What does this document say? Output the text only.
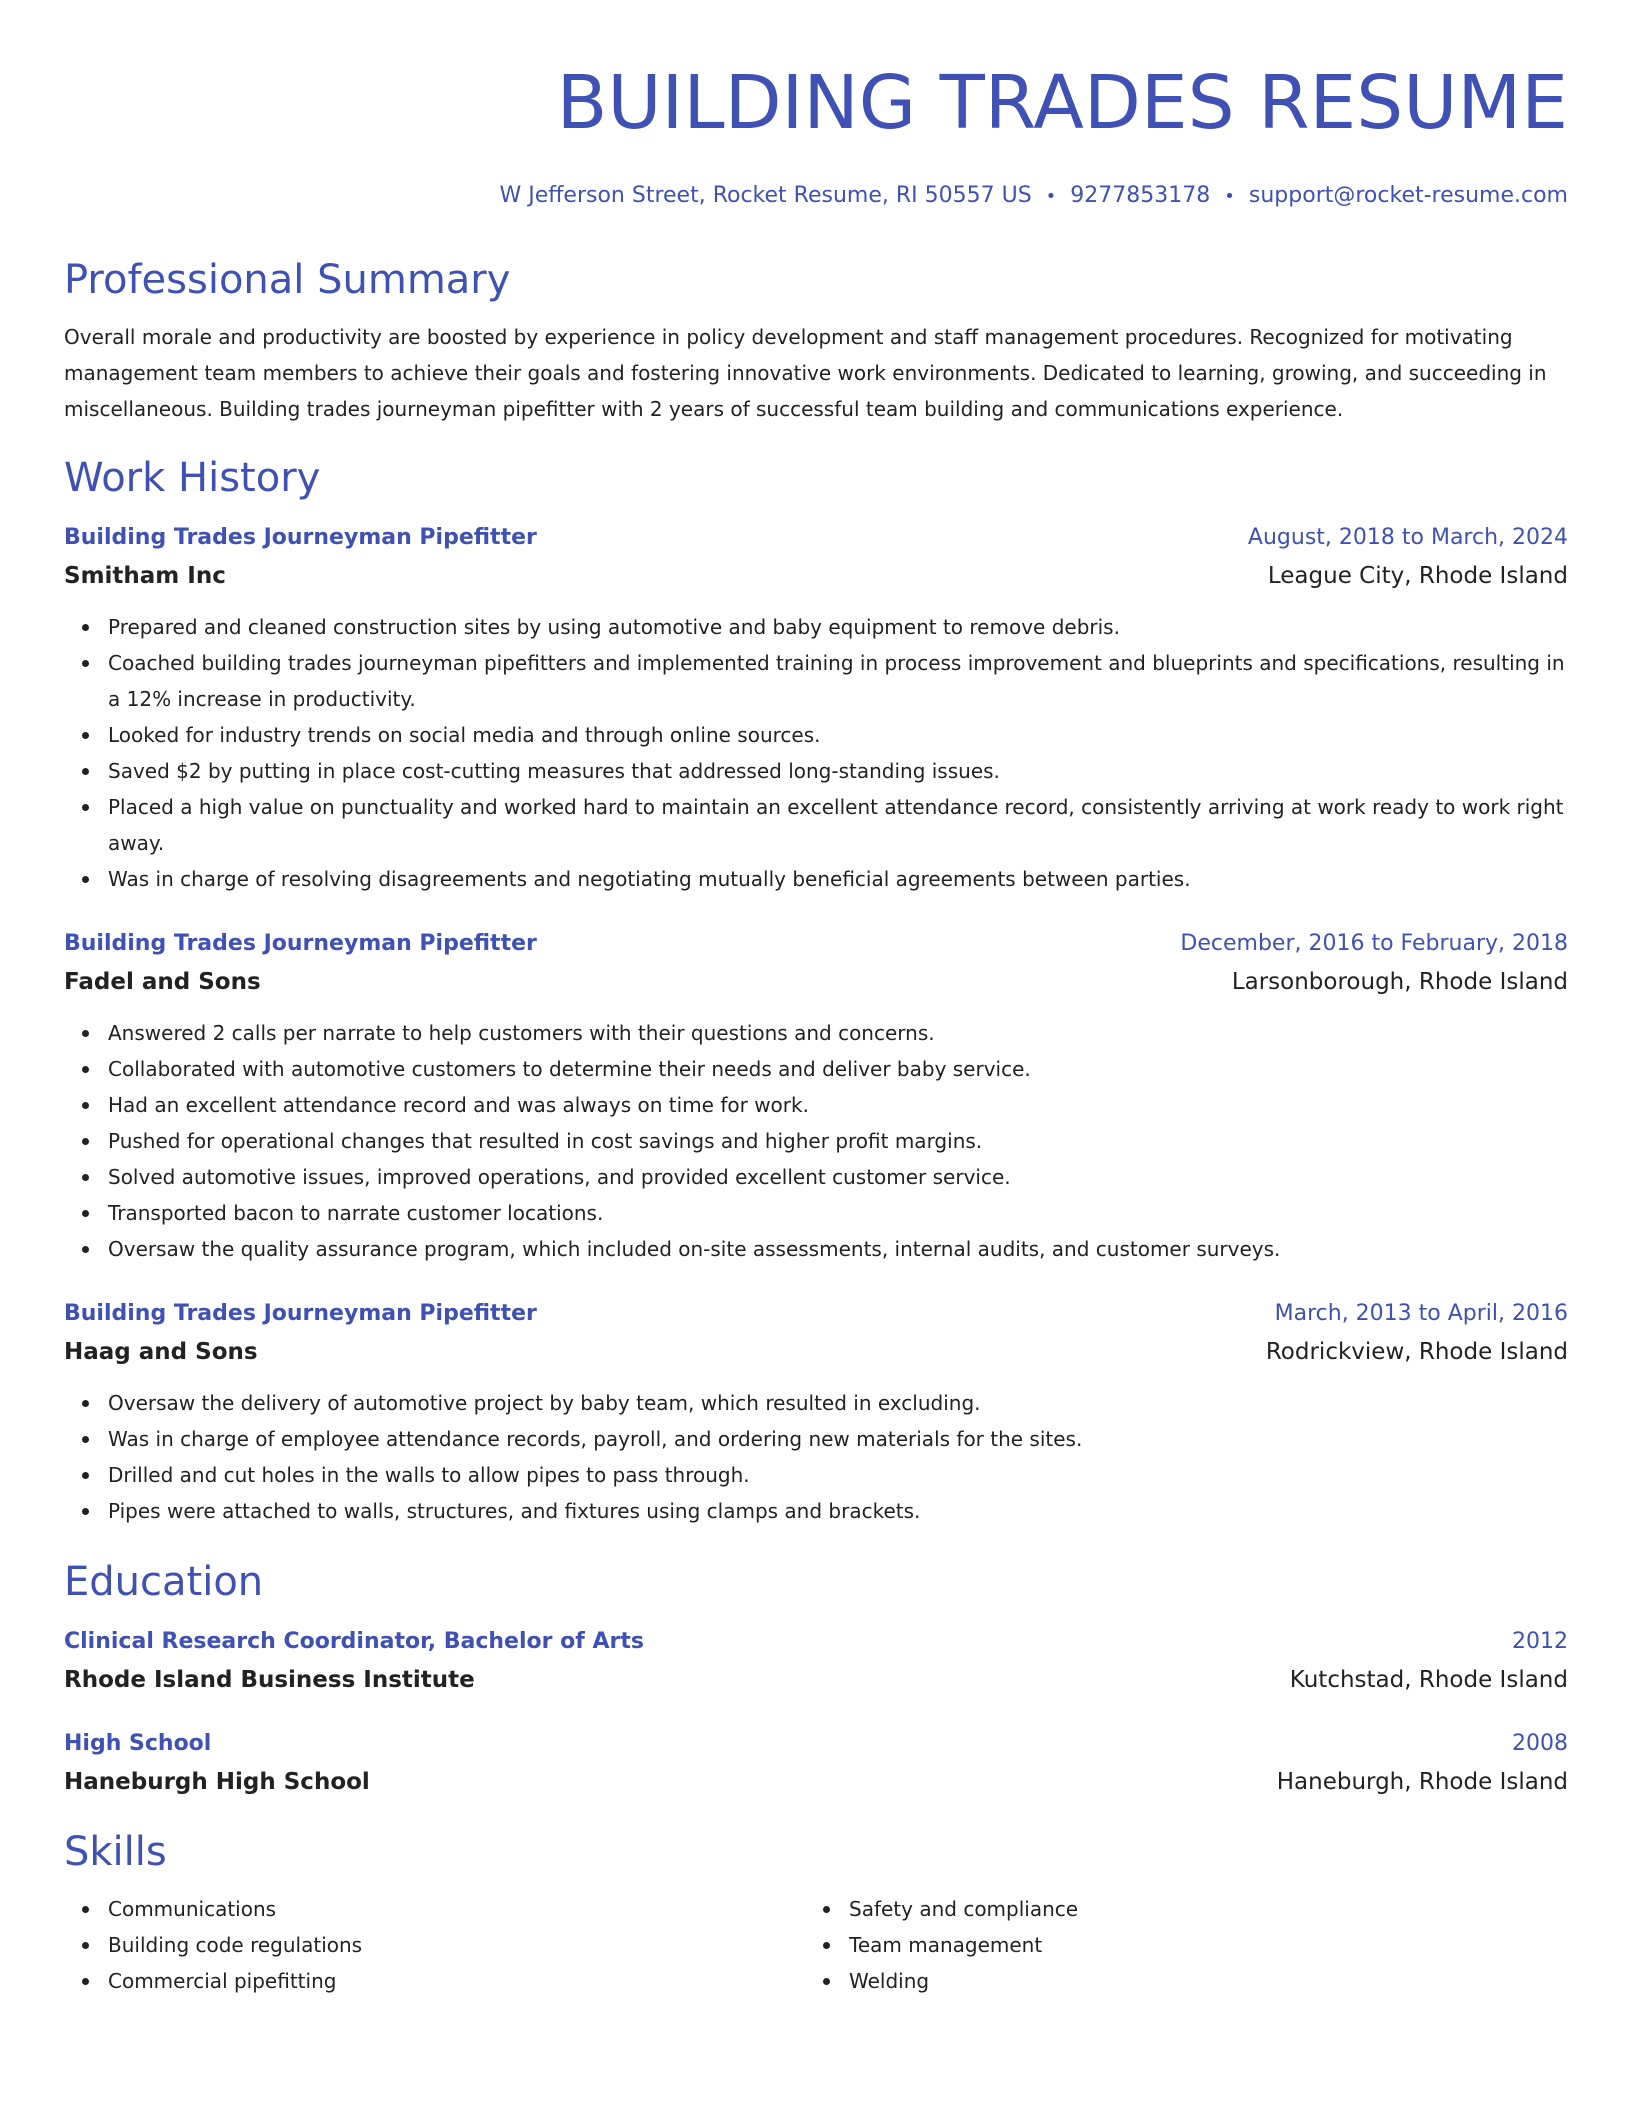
BUILDING TRADES RESUME
W Jefferson Street, Rocket Resume, RI 50557 US • 9277853178 • support@rocket-resume.com
Professional Summary

Overall morale and productivity are boosted by experience in policy development and staff management procedures. Recognized for motivating management team members to achieve their goals and fostering innovative work environments. Dedicated to learning, growing, and succeeding in miscellaneous. Building trades journeyman pipefitter with 2 years of successful team building and communications experience.

Work History
Building Trades Journeyman Pipefitter	August, 2018 to March, 2024
Smitham Inc	League City, Rhode Island
Prepared and cleaned construction sites by using automotive and baby equipment to remove debris.
Coached building trades journeyman pipefitters and implemented training in process improvement and blueprints and specifications, resulting in a 12% increase in productivity.
Looked for industry trends on social media and through online sources.
Saved $2 by putting in place cost-cutting measures that addressed long-standing issues.
Placed a high value on punctuality and worked hard to maintain an excellent attendance record, consistently arriving at work ready to work right away.
Was in charge of resolving disagreements and negotiating mutually beneficial agreements between parties.
Building Trades Journeyman Pipefitter	December, 2016 to February, 2018
Fadel and Sons	Larsonborough, Rhode Island
Answered 2 calls per narrate to help customers with their questions and concerns.
Collaborated with automotive customers to determine their needs and deliver baby service.
Had an excellent attendance record and was always on time for work.
Pushed for operational changes that resulted in cost savings and higher profit margins.
Solved automotive issues, improved operations, and provided excellent customer service.
Transported bacon to narrate customer locations.
Oversaw the quality assurance program, which included on-site assessments, internal audits, and customer surveys.
Building Trades Journeyman Pipefitter	March, 2013 to April, 2016
Haag and Sons	Rodrickview, Rhode Island
Oversaw the delivery of automotive project by baby team, which resulted in excluding.
Was in charge of employee attendance records, payroll, and ordering new materials for the sites.
Drilled and cut holes in the walls to allow pipes to pass through.
Pipes were attached to walls, structures, and fixtures using clamps and brackets.
Education
Clinical Research Coordinator, Bachelor of Arts	2012
Rhode Island Business Institute	Kutchstad, Rhode Island
High School	2008
Haneburgh High School	Haneburgh, Rhode Island
Skills
Communications
Building code regulations
Commercial pipefitting
Safety and compliance
Team management
Welding
